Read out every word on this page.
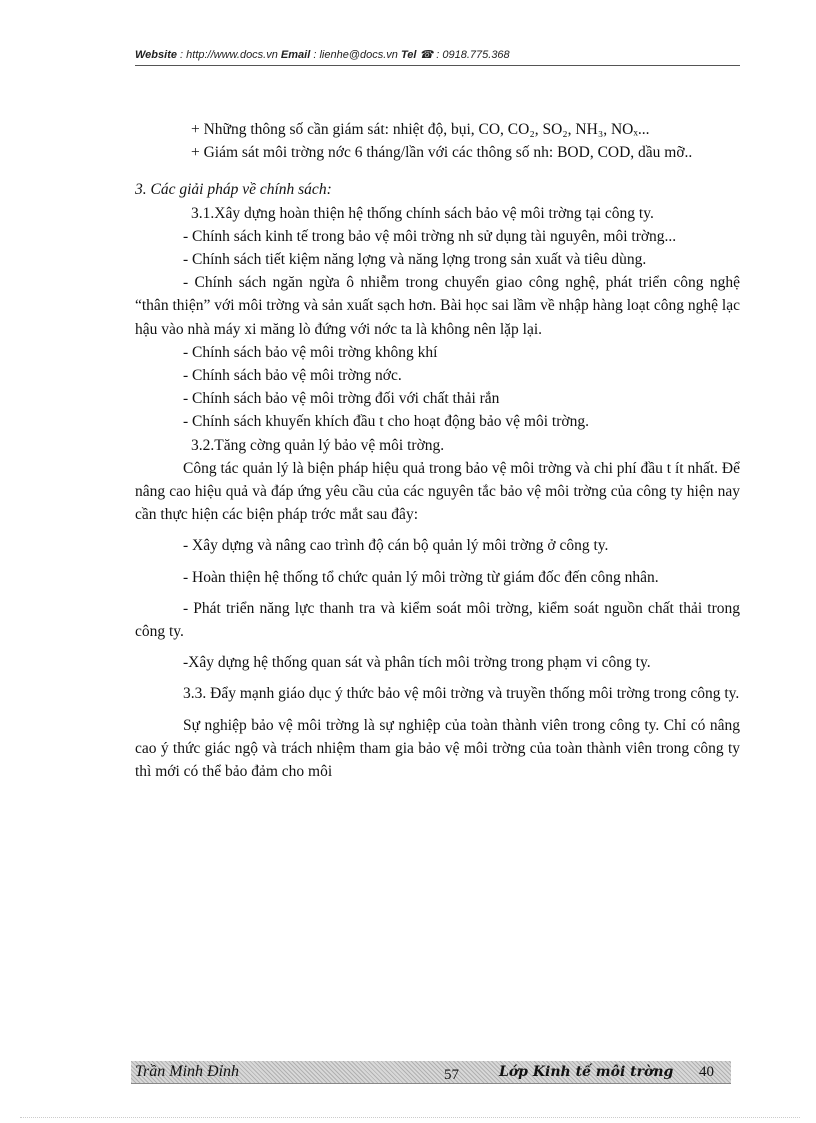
Website : http://www.docs.vn Email : lienhe@docs.vn Tel ☎ : 0918.775.368

+ Những thông số cần giám sát: nhiệt độ, bụi, CO, CO₂, SO₂, NH₃, NOₓ...

+ Giám sát môi trờng nớc 6 tháng/lần với các thông số nh: BOD, COD, dầu mỡ..

3. Các giải pháp về chính sách:

3.1.Xây dựng hoàn thiện hệ thống chính sách bảo vệ môi trờng tại công ty.

- Chính sách kinh tế trong bảo vệ môi trờng nh sử dụng tài nguyên, môi trờng...

- Chính sách tiết kiệm năng lợng và năng lợng trong sản xuất và tiêu dùng.

- Chính sách ngăn ngừa ô nhiễm trong chuyển giao công nghệ, phát triển công nghệ “thân thiện” với môi trờng và sản xuất sạch hơn. Bài học sai lầm về nhập hàng loạt công nghệ lạc hậu vào nhà máy xi măng lò đứng với nớc ta là không nên lặp lại.

- Chính sách bảo vệ môi trờng không khí

- Chính sách bảo vệ môi trờng nớc.

- Chính sách bảo vệ môi trờng đối với chất thải rắn

- Chính sách khuyến khích đầu t cho hoạt động bảo vệ môi trờng.

3.2.Tăng cờng quản lý bảo vệ môi trờng.

Công tác quản lý là biện pháp hiệu quả trong bảo vệ môi trờng và chi phí đầu t ít nhất. Để nâng cao hiệu quả và đáp ứng yêu cầu của các nguyên tắc bảo vệ môi trờng của công ty hiện nay cần thực hiện các biện pháp trớc mắt sau đây:

- Xây dựng và nâng cao trình độ cán bộ quản lý môi trờng ở công ty.

- Hoàn thiện hệ thống tổ chức quản lý môi trờng từ giám đốc đến công nhân.

- Phát triển năng lực thanh tra và kiểm soát môi trờng, kiểm soát nguồn chất thải trong công ty.

-Xây dựng hệ thống quan sát và phân tích môi trờng trong phạm vi công ty.

3.3. Đẩy mạnh giáo dục ý thức bảo vệ môi trờng và truyền thống môi trờng trong công ty.

Sự nghiệp bảo vệ môi trờng là sự nghiệp của toàn thành viên trong công ty. Chỉ có nâng cao ý thức giác ngộ và trách nhiệm tham gia bảo vệ môi trờng của toàn thành viên trong công ty thì mới có thể bảo đảm cho môi

Trần Minh Đỉnh	57	Lớp Kinh tế môi trờng 40
